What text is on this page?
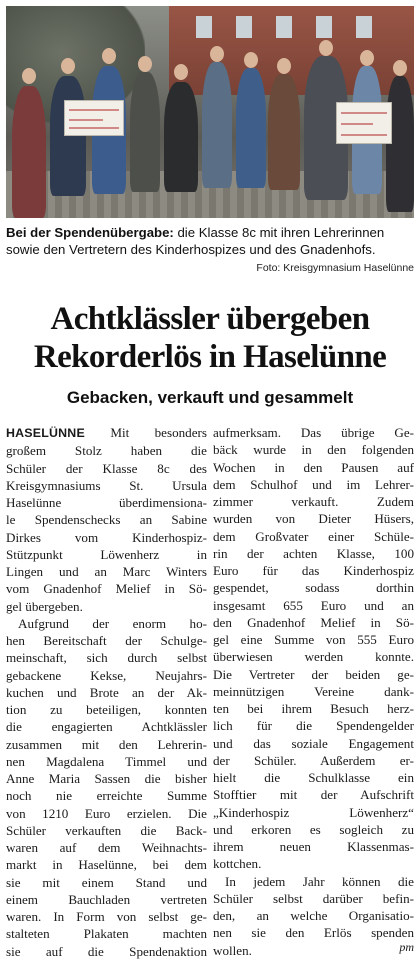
Bei der Spendenübergabe: die Klasse 8c mit ihren Lehrerinnen sowie den Vertretern des Kinderhospizes und des Gnadenhofs.
Foto: Kreisgymnasium Haselünne
Achtklässler übergeben
Rekorderlös in Haselünne
Gebacken, verkauft und gesammelt
HASELÜNNE Mit besonders
großem Stolz haben die
Schüler der Klasse 8c des
Kreisgymnasiums St. Ursula
Haselünne überdimensiona-
le Spendenschecks an Sabine
Dirkes vom Kinderhospiz-
Stützpunkt Löwenherz in
Lingen und an Marc Winters
vom Gnadenhof Melief in Sö-
gel übergeben.
Aufgrund der enorm ho-
hen Bereitschaft der Schulge-
meinschaft, sich durch selbst
gebackene Kekse, Neujahrs-
kuchen und Brote an der Ak-
tion zu beteiligen, konnten
die engagierten Achtklässler
zusammen mit den Lehrerin-
nen Magdalena Timmel und
Anne Maria Sassen die bisher
noch nie erreichte Summe
von 1210 Euro erzielen. Die
Schüler verkauften die Back-
waren auf dem Weihnachts-
markt in Haselünne, bei dem
sie mit einem Stand und
einem Bauchladen vertreten
waren. In Form von selbst ge-
stalteten Plakaten machten
sie auf die Spendenaktion
aufmerksam. Das übrige Ge-
bäck wurde in den folgenden
Wochen in den Pausen auf
dem Schulhof und im Lehrer-
zimmer verkauft. Zudem
wurden von Dieter Hüsers,
dem Großvater einer Schüle-
rin der achten Klasse, 100
Euro für das Kinderhospiz
gespendet, sodass dorthin
insgesamt 655 Euro und an
den Gnadenhof Melief in Sö-
gel eine Summe von 555 Euro
überwiesen werden konnte.
Die Vertreter der beiden ge-
meinnützigen Vereine dank-
ten bei ihrem Besuch herz-
lich für die Spendengelder
und das soziale Engagement
der Schüler. Außerdem er-
hielt die Schulklasse ein
Stofftier mit der Aufschrift
„Kinderhospiz Löwenherz“
und erkoren es sogleich zu
ihrem neuen Klassenmas-
kottchen.
In jedem Jahr können die
Schüler selbst darüber befin-
den, an welche Organisatio-
nen sie den Erlös spenden
wollen.	pm
